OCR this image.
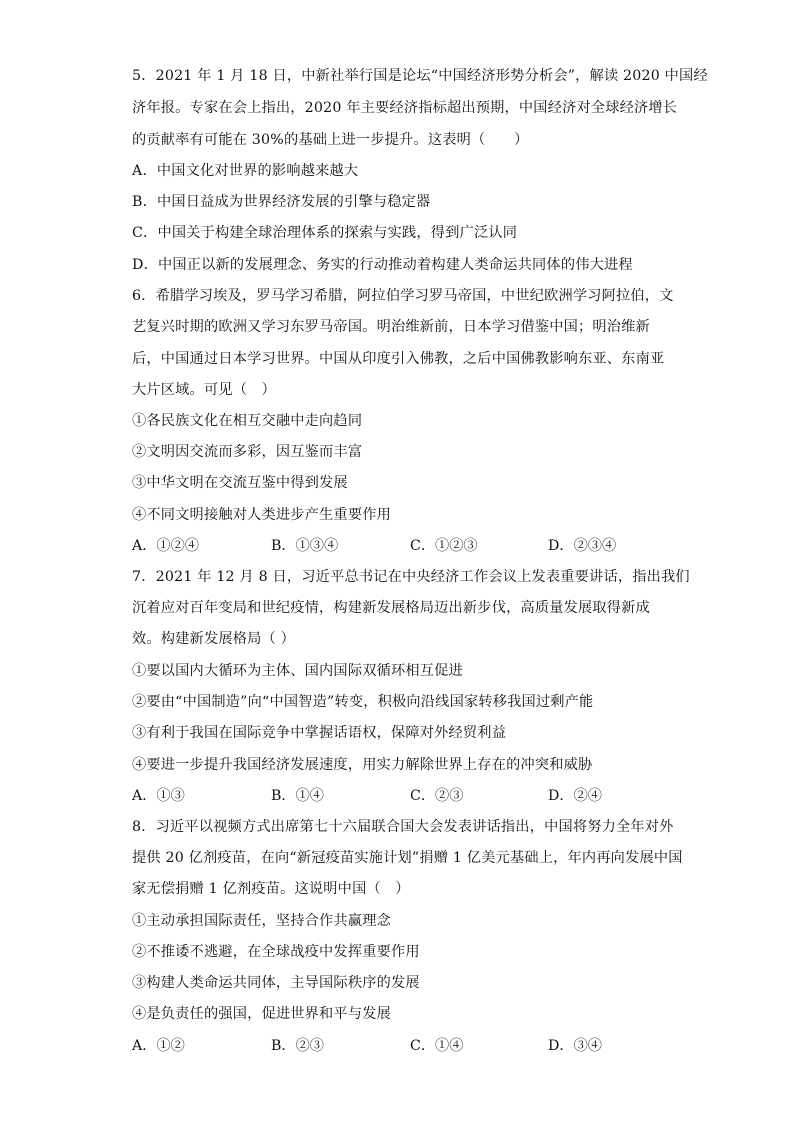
5．2021 年 1 月 18 日，中新社举行国是论坛“中国经济形势分析会”，解读 2020 中国经
济年报。专家在会上指出，2020 年主要经济指标超出预期，中国经济对全球经济增长
的贡献率有可能在 30%的基础上进一步提升。这表明（　　）
A．中国文化对世界的影响越来越大
B．中国日益成为世界经济发展的引擎与稳定器
C．中国关于构建全球治理体系的探索与实践，得到广泛认同
D．中国正以新的发展理念、务实的行动推动着构建人类命运共同体的伟大进程
6．希腊学习埃及，罗马学习希腊，阿拉伯学习罗马帝国，中世纪欧洲学习阿拉伯，文
艺复兴时期的欧洲又学习东罗马帝国。明治维新前，日本学习借鉴中国；明治维新
后，中国通过日本学习世界。中国从印度引入佛教，之后中国佛教影响东亚、东南亚
大片区域。可见（　）
①各民族文化在相互交融中走向趋同
②文明因交流而多彩，因互鉴而丰富
③中华文明在交流互鉴中得到发展
④不同文明接触对人类进步产生重要作用
A．①②④	B．①③④	C．①②③	D．②③④
7．2021 年 12 月 8 日，习近平总书记在中央经济工作会议上发表重要讲话，指出我们
沉着应对百年变局和世纪疫情，构建新发展格局迈出新步伐，高质量发展取得新成
效。构建新发展格局（ ）
①要以国内大循环为主体、国内国际双循环相互促进
②要由“中国制造”向“中国智造”转变，积极向沿线国家转移我国过剩产能
③有利于我国在国际竞争中掌握话语权，保障对外经贸利益
④要进一步提升我国经济发展速度，用实力解除世界上存在的冲突和威胁
A．①③	B．①④	C．②③	D．②④
8．习近平以视频方式出席第七十六届联合国大会发表讲话指出，中国将努力全年对外
提供 20 亿剂疫苗，在向“新冠疫苗实施计划”捐赠 1 亿美元基础上，年内再向发展中国
家无偿捐赠 1 亿剂疫苗。这说明中国（　）
①主动承担国际责任，坚持合作共赢理念
②不推诿不逃避，在全球战疫中发挥重要作用
③构建人类命运共同体，主导国际秩序的发展
④是负责任的强国，促进世界和平与发展
A．①②	B．②③	C．①④	D．③④
